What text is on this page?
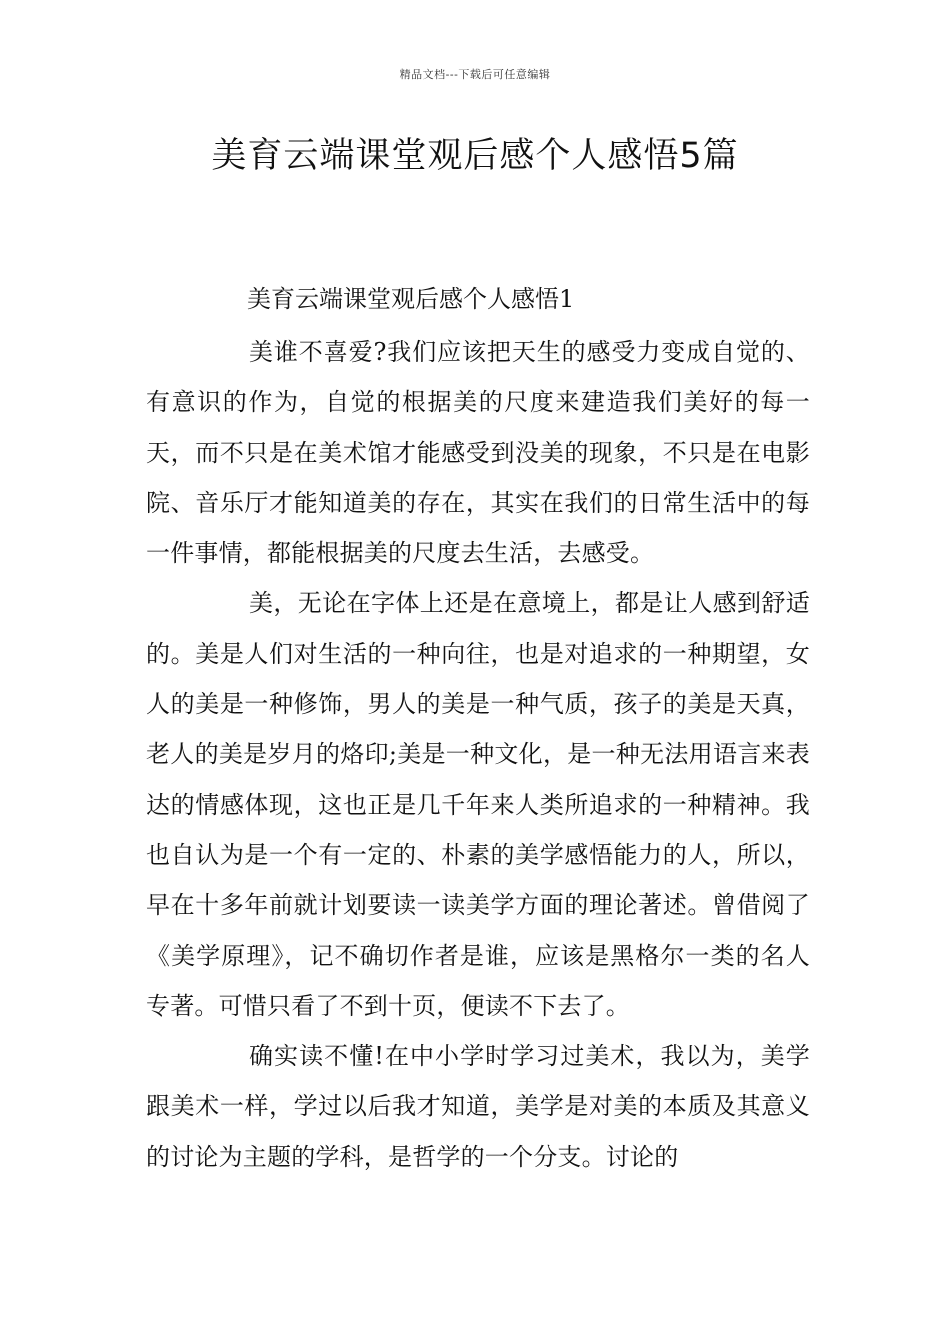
精品文档---下载后可任意编辑
美育云端课堂观后感个人感悟5篇
美育云端课堂观后感个人感悟1

美谁不喜爱?我们应该把天生的感受力变成自觉的、有意识的作为，自觉的根据美的尺度来建造我们美好的每一天，而不只是在美术馆才能感受到没美的现象，不只是在电影院、音乐厅才能知道美的存在，其实在我们的日常生活中的每一件事情，都能根据美的尺度去生活，去感受。

美，无论在字体上还是在意境上，都是让人感到舒适的。美是人们对生活的一种向往，也是对追求的一种期望，女人的美是一种修饰，男人的美是一种气质，孩子的美是天真，老人的美是岁月的烙印;美是一种文化，是一种无法用语言来表达的情感体现，这也正是几千年来人类所追求的一种精神。我也自认为是一个有一定的、朴素的美学感悟能力的人，所以，早在十多年前就计划要读一读美学方面的理论著述。曾借阅了《美学原理》，记不确切作者是谁，应该是黑格尔一类的名人专著。可惜只看了不到十页，便读不下去了。

确实读不懂!在中小学时学习过美术，我以为，美学跟美术一样，学过以后我才知道，美学是对美的本质及其意义的讨论为主题的学科，是哲学的一个分支。讨论的
